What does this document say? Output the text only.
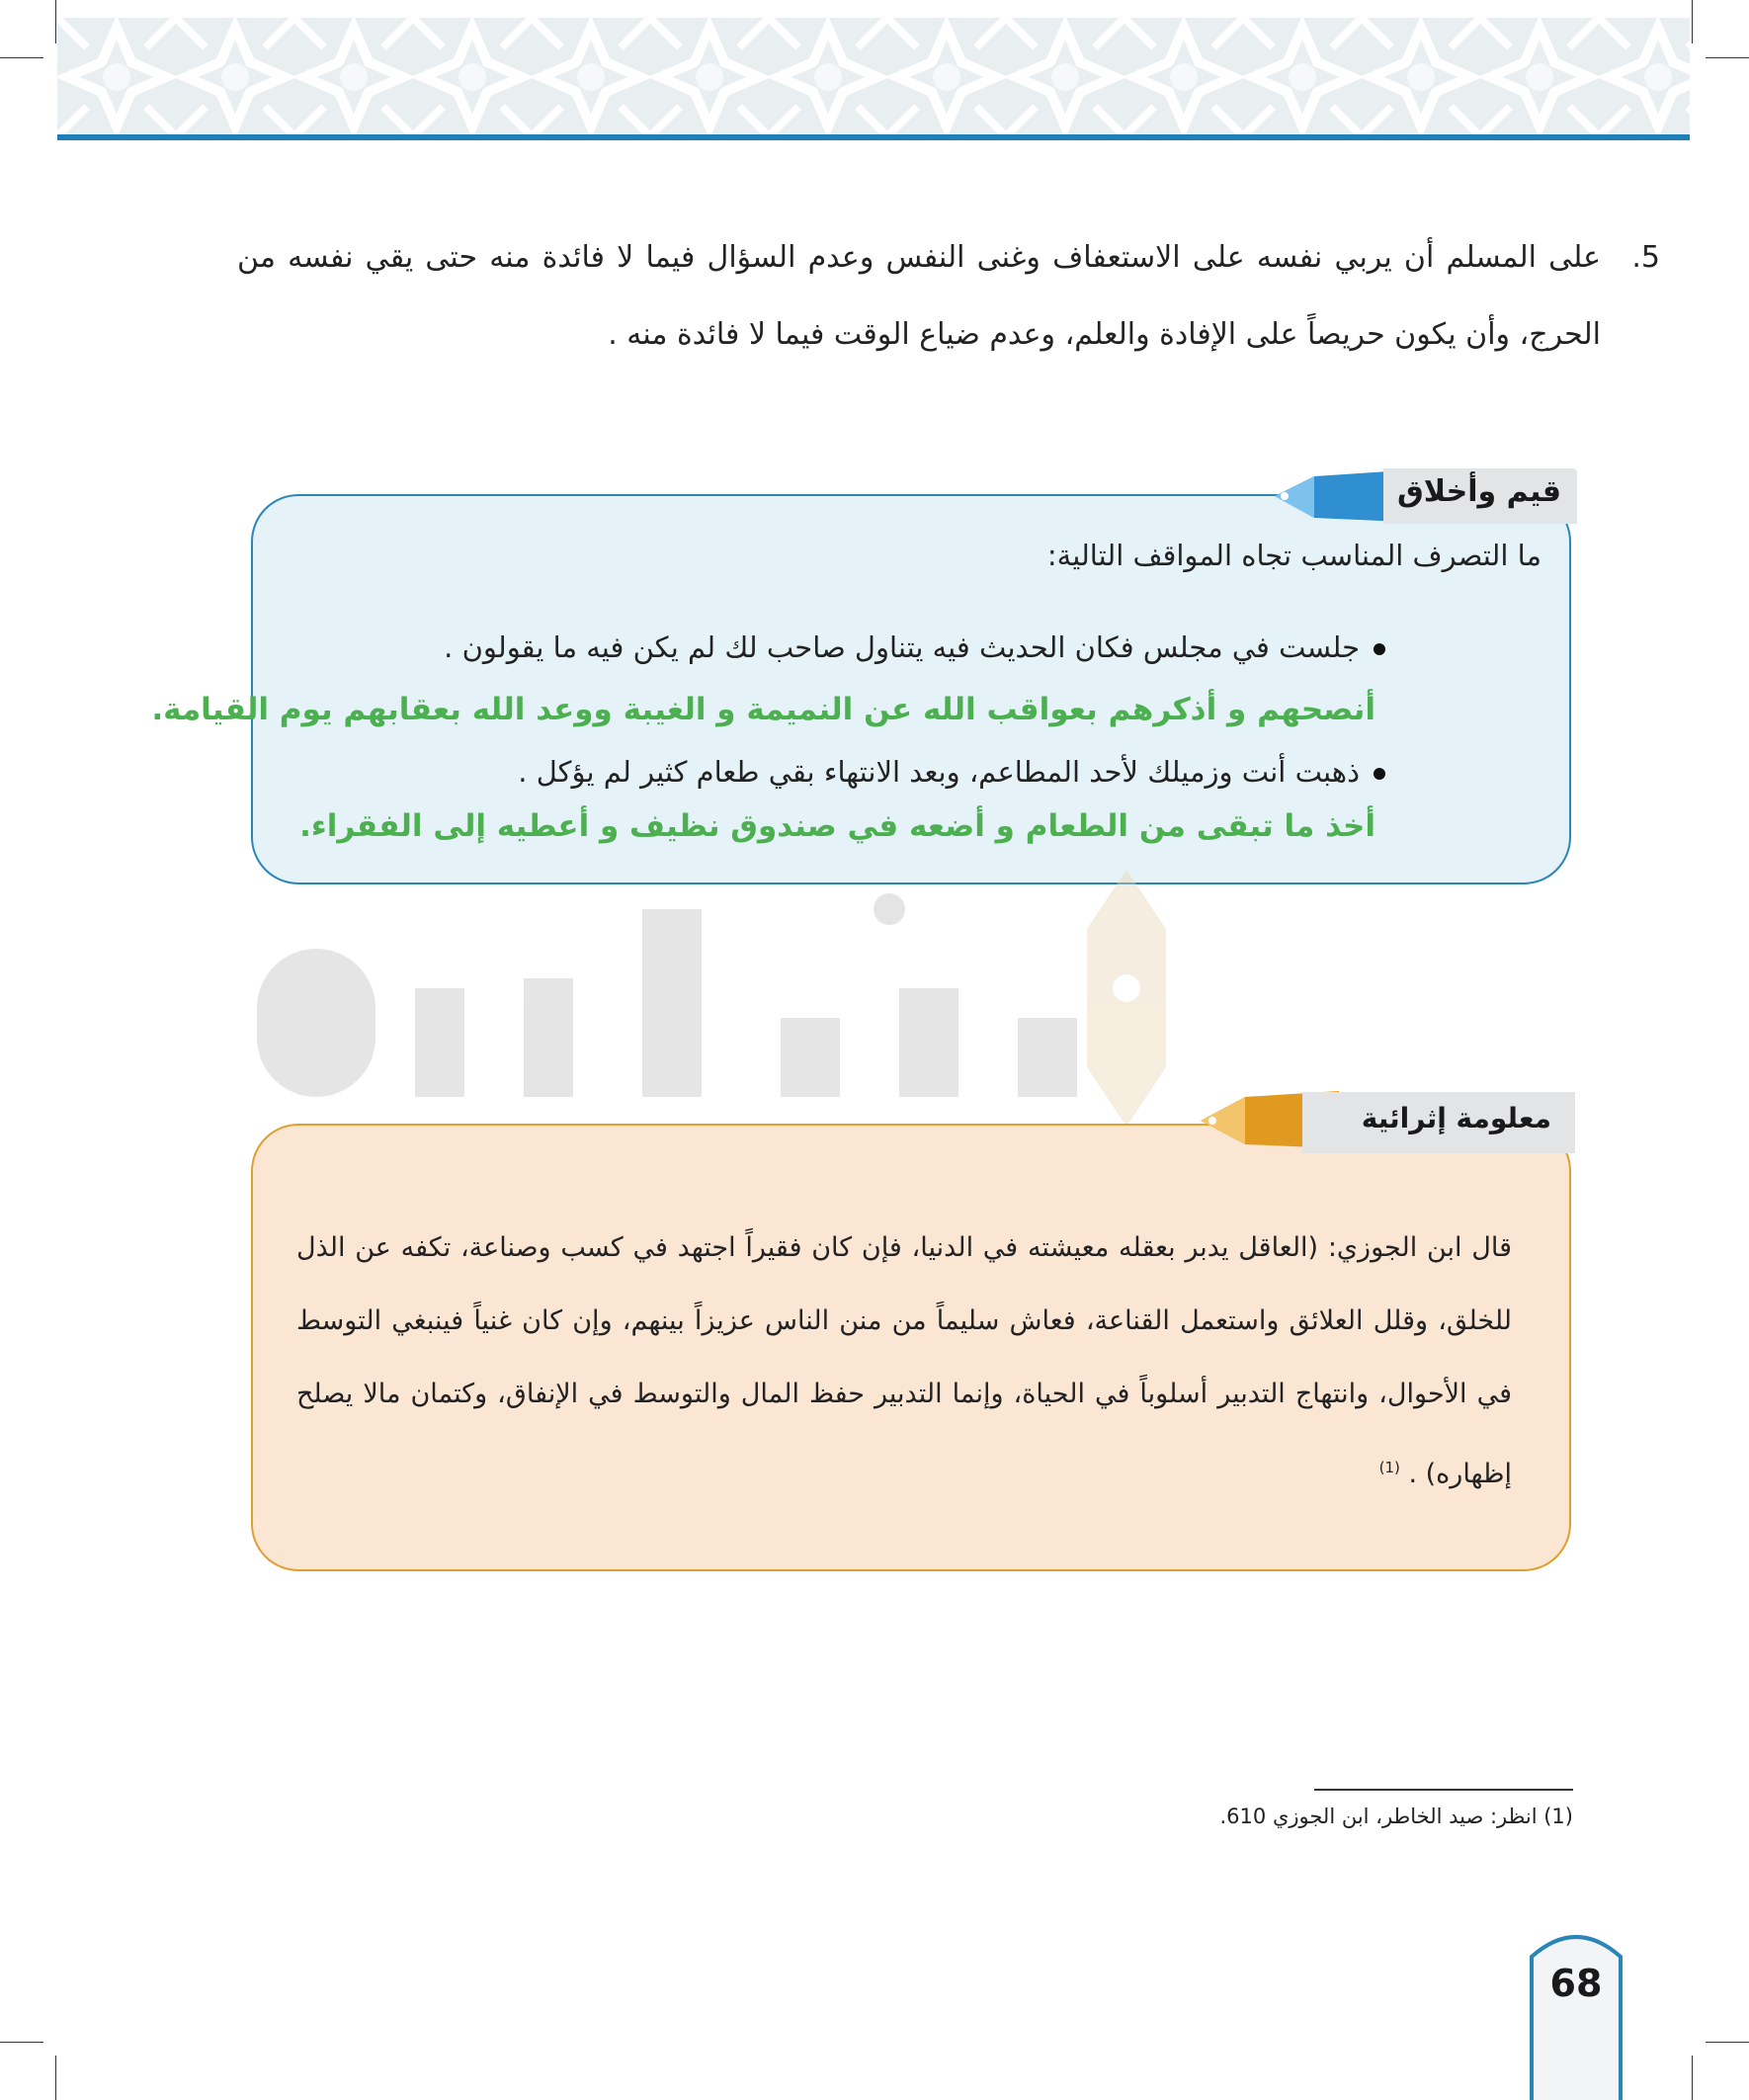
.5
على المسلم أن يربي نفسه على الاستعفاف وغنى النفس وعدم السؤال فيما لا فائدة منه حتى يقي نفسه من
الحرج، وأن يكون حريصاً على الإفادة والعلم، وعدم ضياع الوقت فيما لا فائدة منه .
قيم وأخلاق
ما التصرف المناسب تجاه المواقف التالية:
جلست في مجلس فكان الحديث فيه يتناول صاحب لك لم يكن فيه ما يقولون .
أنصحهم و أذكرهم بعواقب الله عن النميمة و الغيبة ووعد الله بعقابهم يوم القيامة.
ذهبت أنت وزميلك لأحد المطاعم، وبعد الانتهاء بقي طعام كثير لم يؤكل .
أخذ ما تبقى من الطعام و أضعه في صندوق نظيف و أعطيه إلى الفقراء.
معلومة إثرائية
قال ابن الجوزي: (العاقل يدبر بعقله معيشته في الدنيا، فإن كان فقيراً اجتهد في كسب وصناعة، تكفه عن الذل للخلق، وقلل العلائق واستعمل القناعة، فعاش سليماً من منن الناس عزيزاً بينهم، وإن كان غنياً فينبغي التوسط في الأحوال، وانتهاج التدبير أسلوباً في الحياة، وإنما التدبير حفظ المال والتوسط في الإنفاق، وكتمان مالا يصلح إظهاره) . $^{(1)}$
(1) انظر: صيد الخاطر، ابن الجوزي 610.
68
